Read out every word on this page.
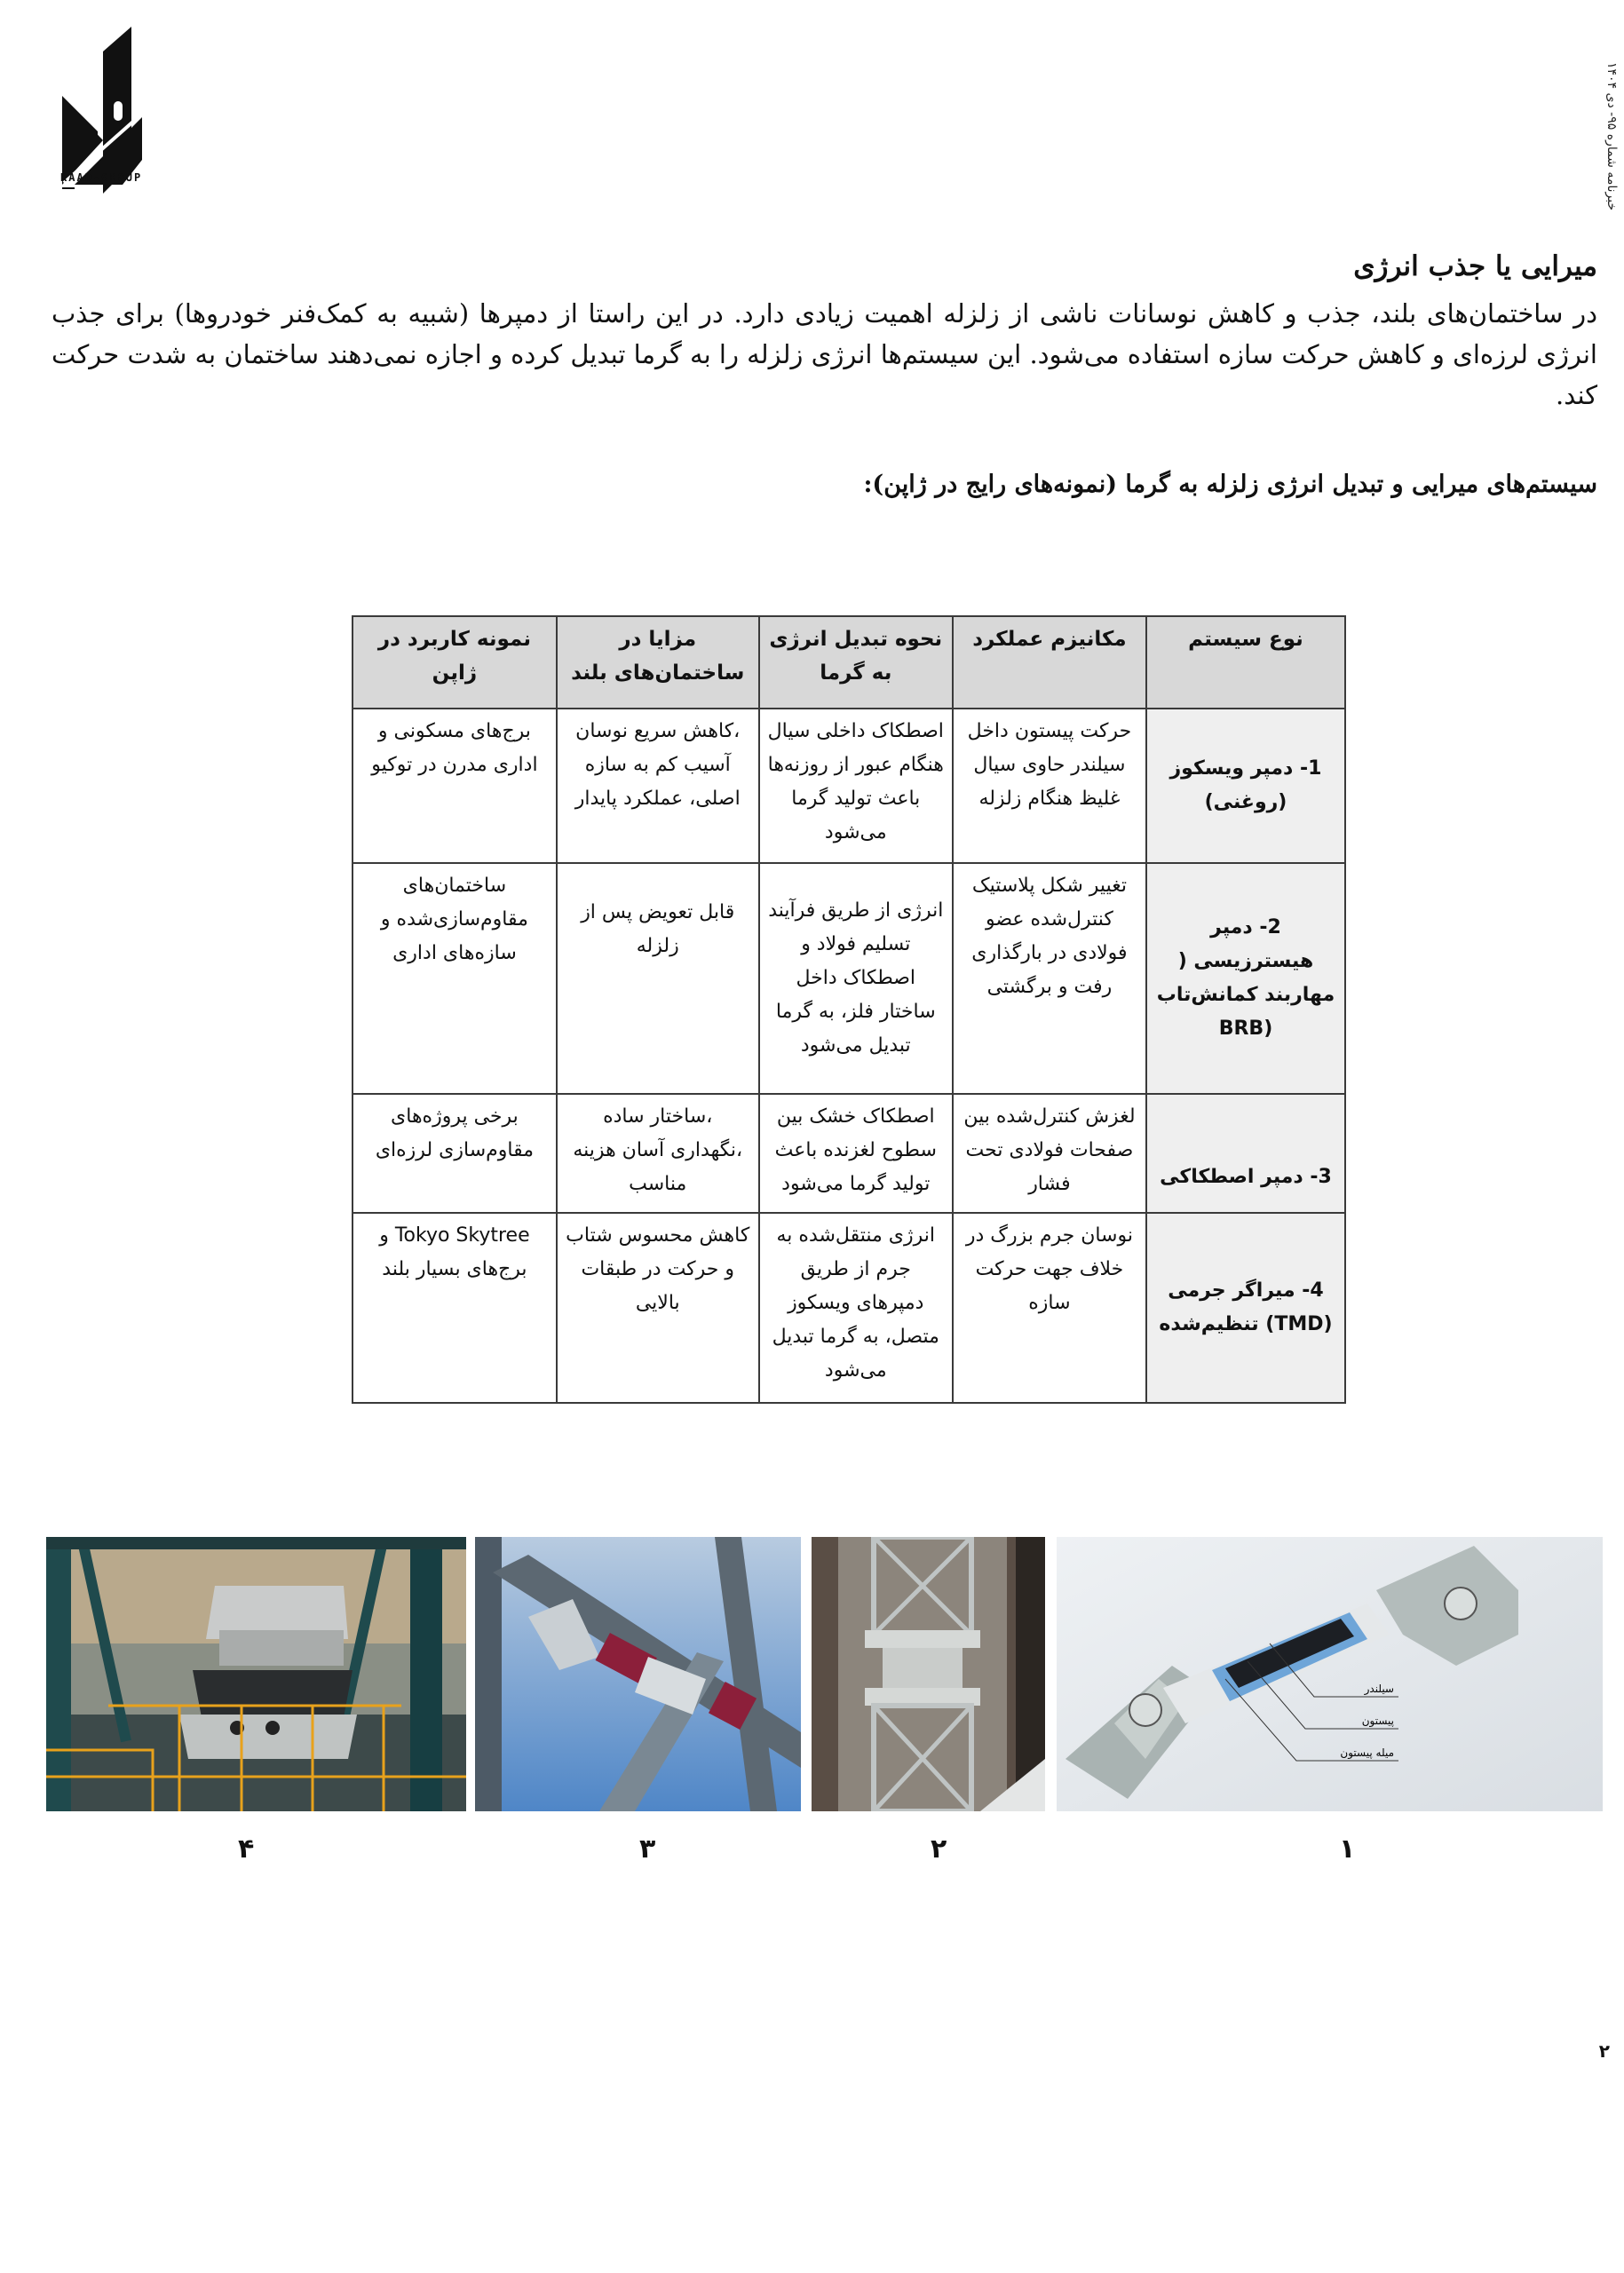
RAAD-GROUP
خبرنامه شماره ۹۵- دی ۱۴۰۴
میرایی یا جذب انرژی
در ساختمان‌های بلند، جذب و کاهش نوسانات ناشی از زلزله اهمیت زیادی دارد. در این راستا از دمپرها (شبیه به کمک‌فنر خودروها) برای جذب انرژی لرزه‌ای و کاهش حرکت سازه استفاده می‌شود. این سیستم‌ها انرژی زلزله را به گرما تبدیل کرده و اجازه نمی‌دهند ساختمان به شدت حرکت کند.
سیستم‌های میرایی و تبدیل انرژی زلزله به گرما (نمونه‌های رایج در ژاپن):
نوع سیستم	مکانیزم عملکرد	نحوه تبدیل انرژی به گرما	مزایا در ساختمان‌های بلند	نمونه کاربرد در ژاپن
1- دمپر ویسکوز (روغنی)	حرکت پیستون داخل سیلندر حاوی سیال غلیظ هنگام زلزله	اصطکاک داخلی سیال هنگام عبور از روزنه‌ها باعث تولید گرما می‌شود	،کاهش سریع نوسان آسیب کم به سازه اصلی، عملکرد پایدار	برج‌های مسکونی و اداری مدرن در توکیو
2- دمپر هیسترزیسی ( مهاربند کمانش‌تاب (BRB	تغییر شکل پلاستیک کنترل‌شده عضو فولادی در بارگذاری رفت و برگشتی	انرژی از طریق فرآیند تسلیم فولاد و اصطکاک داخل ساختار فلز، به گرما تبدیل می‌شود	قابل تعویض پس از زلزله	ساختمان‌های مقاوم‌سازی‌شده و سازه‌های اداری
3- دمپر اصطکاکی	لغزش کنترل‌شده بین صفحات فولادی تحت فشار	اصطکاک خشک بین سطوح لغزنده باعث تولید گرما می‌شود	،ساختار ساده ،نگهداری آسان هزینه مناسب	برخی پروژه‌های مقاوم‌سازی لرزه‌ای
4- میراگر جرمی (TMD) تنظیم‌شده	نوسان جرم بزرگ در خلاف جهت حرکت سازه	انرژی منتقل‌شده به جرم از طریق دمپرهای ویسکوز متصل، به گرما تبدیل می‌شود	کاهش محسوس شتاب و حرکت در طبقات بالایی	Tokyo Skytree و برج‌های بسیار بلند
سیلندر
پیستون
میله پیستون
۱
۲
۳
۴
۲
